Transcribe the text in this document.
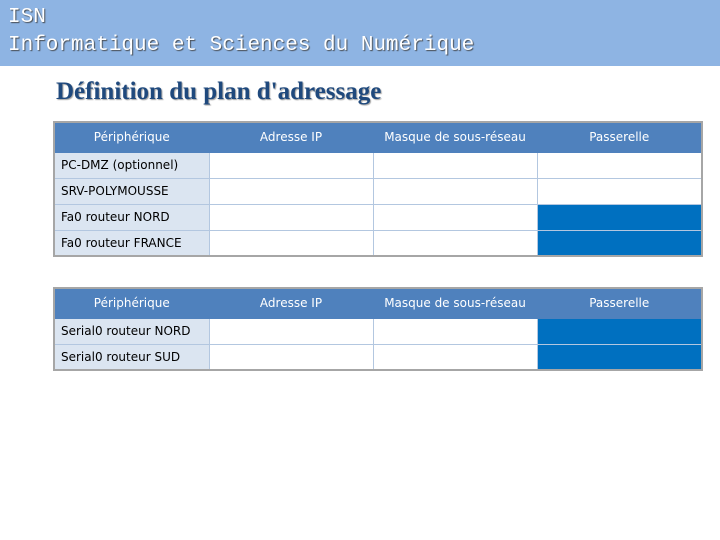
ISN
Informatique et Sciences du Numérique
Définition du plan d'adressage
Périphérique	Adresse IP	Masque de sous-réseau	Passerelle
PC-DMZ (optionnel)			
SRV-POLYMOUSSE			
Fa0 routeur NORD			
Fa0 routeur FRANCE			
Périphérique	Adresse IP	Masque de sous-réseau	Passerelle
Serial0 routeur NORD			
Serial0 routeur SUD			
